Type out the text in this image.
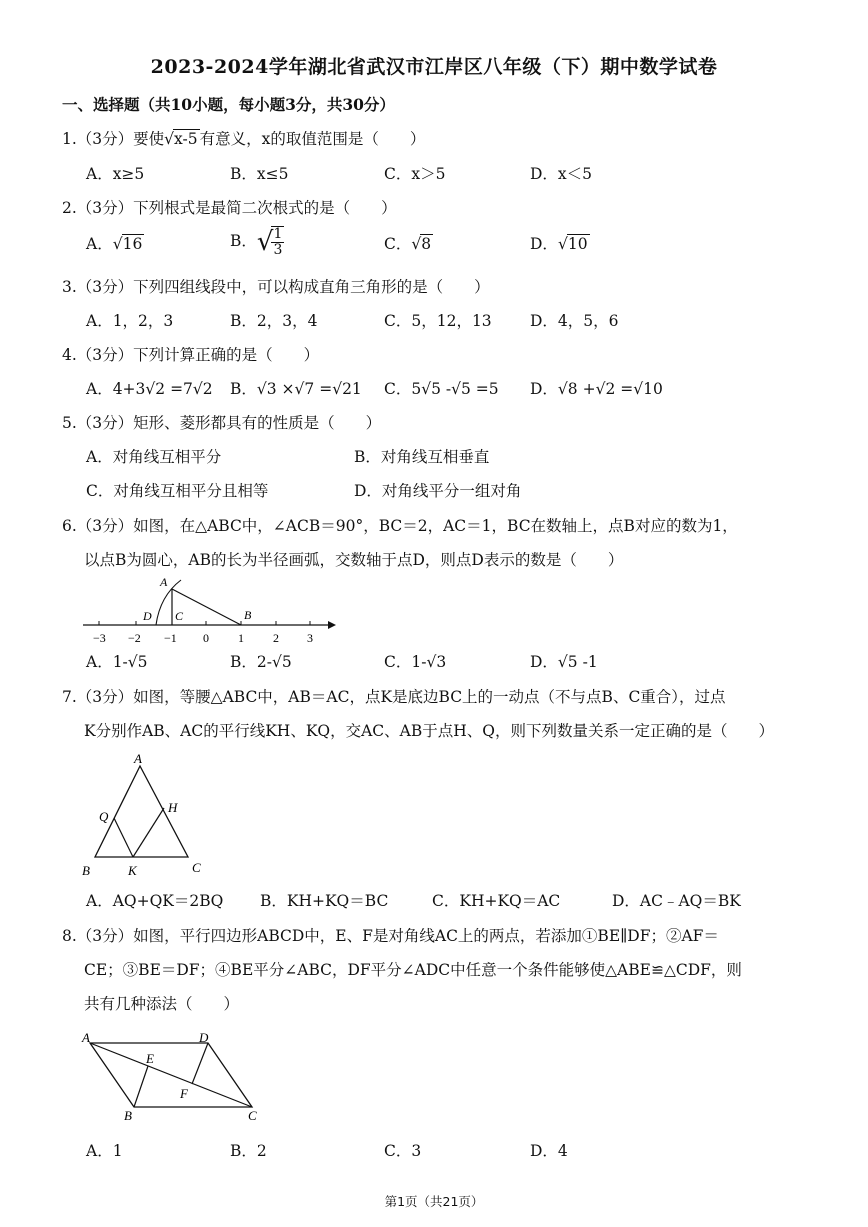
2023-2024学年湖北省武汉市江岸区八年级（下）期中数学试卷
一、选择题（共10小题，每小题3分，共30分）
1.（3分）要使√x-5 有意义，x的取值范围是（　　）
A．x≥5	B．x≤5	C．x＞5	D．x＜5
2.（3分）下列根式是最简二次根式的是（　　）
A．√16	B．√
$\frac{1}{3}$	C．√8	D．√10
3.（3分）下列四组线段中，可以构成直角三角形的是（　　）
A．1，2，3	B．2，3，4	C．5，12，13 D．4，5，6
4.（3分）下列计算正确的是（　　）
A．4+3√2 =7√2 B．√3 ×√7 =√21 C．5√5 -√5 =5 D．√8 +√2 =√10
5.（3分）矩形、菱形都具有的性质是（　　）
A．对角线互相平分	B．对角线互相垂直
C．对角线互相平分且相等	D．对角线平分一组对角
6.（3分）如图，在△ABC中，∠ACB＝90°，BC＝2，AC＝1，BC在数轴上，点B对应的数为1，
以点B为圆心，AB的长为半径画弧，交数轴于点D，则点D表示的数是（　　）
−3 −2 −1 0 1 2 3
A
B
C
D
A．1-√5	B．2-√5	C．1-√3	D．√5 -1
7.（3分）如图，等腰△ABC中，AB＝AC，点K是底边BC上的一动点（不与点B、C重合），过点
K分别作AB、AC的平行线KH、KQ，交AC、AB于点H、Q，则下列数量关系一定正确的是（　　）
A
B	C
H
Q
K
A．AQ+QK＝2BQ B．KH+KQ＝BC	C．KH+KQ＝AC	D．AC﹣AQ＝BK
8.（3分）如图，平行四边形ABCD中，E、F是对角线AC上的两点，若添加①BE∥DF；②AF＝
CE；③BE＝DF；④BE平分∠ABC，DF平分∠ADC中任意一个条件能够使△ABE≌△CDF，则
共有几种添法（　　）
A	D
B	C
E
F
A．1	B．2	C．3	D．4
第1页（共21页）
